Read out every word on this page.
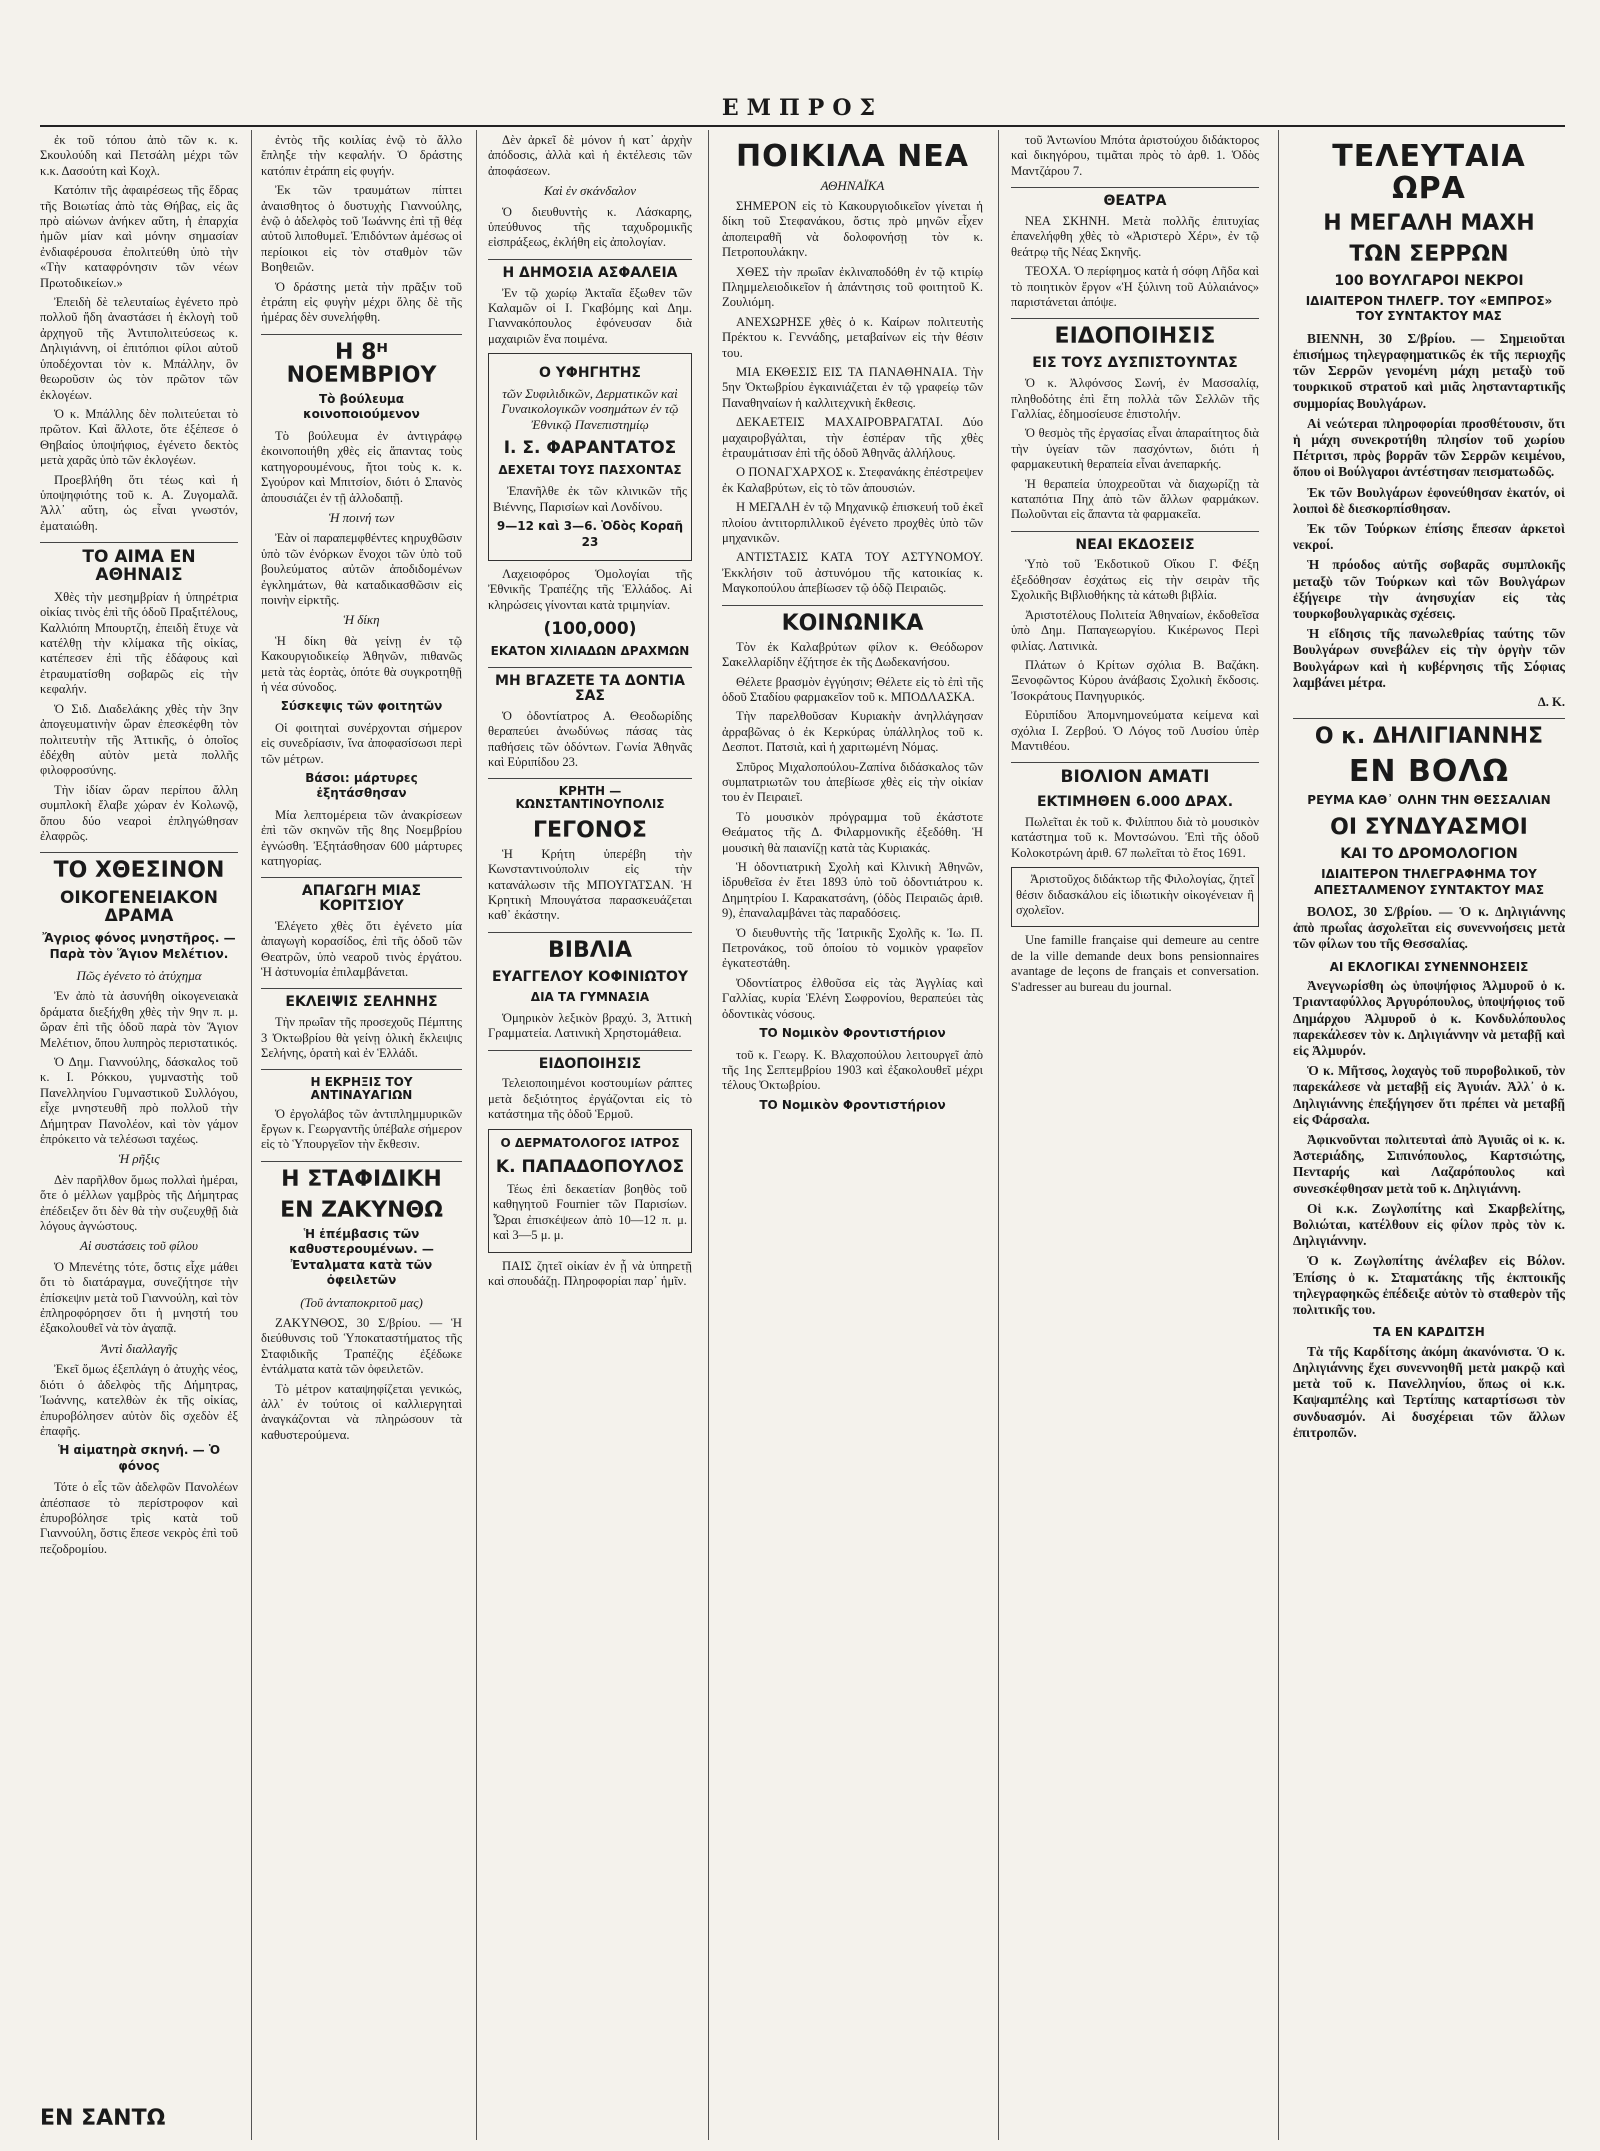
ΕΜΠΡΟΣ

ἐκ τοῦ τόπου ἀπὸ τῶν κ. κ. Σκουλούδη καὶ Πετσάλη μέχρι τῶν κ.κ. Δασούτη καὶ Κοχλ.

Κατόπιν τῆς ἀφαιρέσεως τῆς ἕδρας τῆς Βοιωτίας ἀπὸ τὰς Θήβας, εἰς ἃς πρὸ αἰώνων ἀνήκεν αὕτη, ἡ ἐπαρχία ἡμῶν μίαν καὶ μόνην σημασίαν ἐνδιαφέρουσα ἐπολιτεύθη ὑπὸ τὴν «Τὴν καταφρόνησιν τῶν νέων Πρωτοδικείων.»

Ἐπειδὴ δὲ τελευταίως ἐγένετο πρὸ πολλοῦ ἤδη ἀναστάσει ἡ ἐκλογὴ τοῦ ἀρχηγοῦ τῆς Ἀντιπολιτεύσεως κ. Δηλιγιάννη, οἱ ἐπιτόπιοι φίλοι αὐτοῦ ὑποδέχονται τὸν κ. Μπάλλην, ὃν θεωροῦσιν ὡς τὸν πρῶτον τῶν ἐκλογέων.

Ὁ κ. Μπάλλης δὲν πολιτεύεται τὸ πρῶτον. Καὶ ἄλλοτε, ὅτε ἐξέπεσε ὁ Θηβαίος ὑποψήφιος, ἐγένετο δεκτὸς μετὰ χαρᾶς ὑπὸ τῶν ἐκλογέων.

Προεβλήθη ὅτι τέως καὶ ἡ ὑποψηφιότης τοῦ κ. Α. Ζυγομαλᾶ. Ἀλλ᾽ αὕτη, ὡς εἶναι γνωστόν, ἐματαιώθη.

ΤΟ ΑΙΜΑ ΕΝ ΑΘΗΝΑΙΣ

Χθὲς τὴν μεσημβρίαν ἡ ὑπηρέτρια οἰκίας τινὸς ἐπὶ τῆς ὁδοῦ Πραξιτέλους, Καλλιόπη Μπουρτζη, ἐπειδὴ ἔτυχε νὰ κατέλθῃ τὴν κλίμακα τῆς οἰκίας, κατέπεσεν ἐπὶ τῆς ἐδάφους καὶ ἐτραυματίσθη σοβαρῶς εἰς τὴν κεφαλήν.

Ὁ Σιδ. Διαδελάκης χθὲς τὴν 3ην ἀπογευματινὴν ὥραν ἐπεσκέφθη τὸν πολιτευτὴν τῆς Ἀττικῆς, ὁ ὁποῖος ἐδέχθη αὐτὸν μετὰ πολλῆς φιλοφροσύνης.

Τὴν ἰδίαν ὥραν περίπου ἄλλη συμπλοκὴ ἔλαβε χώραν ἐν Κολωνῷ, ὅπου δύο νεαροὶ ἐπληγώθησαν ἐλαφρῶς.

ΤΟ ΧΘΕΣΙΝΟΝ
ΟΙΚΟΓΕΝΕΙΑΚΟΝ ΔΡΑΜΑ
Ἄγριος φόνος μνηστῆρος. — Παρὰ τὸν Ἅγιον Μελέτιον.
Πῶς ἐγένετο τὸ ἀτύχημα

Ἐν ἀπὸ τὰ ἀσυνήθη οἰκογενειακὰ δράματα διεξήχθη χθὲς τὴν 9ην π. μ. ὥραν ἐπὶ τῆς ὁδοῦ παρὰ τὸν Ἅγιον Μελέτιον, ὅπου λυπηρὸς περιστατικός.

Ὁ Δημ. Γιαννούλης, δάσκαλος τοῦ κ. Ι. Ρόκκου, γυμναστὴς τοῦ Πανελληνίου Γυμναστικοῦ Συλλόγου, εἶχε μνηστευθῆ πρὸ πολλοῦ τὴν Δήμητραν Πανολέον, καὶ τὸν γάμον ἐπρόκειτο νὰ τελέσωσι ταχέως.

Ἡ ρῆξις

Δὲν παρῆλθον ὅμως πολλαὶ ἡμέραι, ὅτε ὁ μέλλων γαμβρὸς τῆς Δήμητρας ἐπέδειξεν ὅτι δὲν θὰ τὴν συζευχθῇ διὰ λόγους ἀγνώστους.

Αἱ συστάσεις τοῦ φίλου

Ὁ Μπενέτης τότε, ὅστις εἶχε μάθει ὅτι τὸ διατάραγμα, συνεζήτησε τὴν ἐπίσκεψιν μετὰ τοῦ Γιαννούλη, καὶ τὸν ἐπληροφόρησεν ὅτι ἡ μνηστή του ἐξακολουθεῖ νὰ τὸν ἀγαπᾷ.

Ἀντὶ διαλλαγῆς

Ἐκεῖ ὅμως ἐξεπλάγη ὁ ἀτυχὴς νέος, διότι ὁ ἀδελφὸς τῆς Δήμητρας, Ἰωάννης, κατελθὼν ἐκ τῆς οἰκίας, ἐπυροβόλησεν αὐτὸν δὶς σχεδὸν ἐξ ἐπαφῆς.

Ἡ αἱματηρὰ σκηνή. — Ὁ φόνος

Τότε ὁ εἷς τῶν ἀδελφῶν Πανολέων ἀπέσπασε τὸ περίστροφον καὶ ἐπυροβόλησε τρὶς κατὰ τοῦ Γιαννούλη, ὅστις ἔπεσε νεκρὸς ἐπὶ τοῦ πεζοδρομίου.

ΕΝ ΣΑΝΤΩ

ἐντὸς τῆς κοιλίας ἐνῷ τὸ ἄλλο ἔπληξε τὴν κεφαλήν. Ὁ δράστης κατόπιν ἐτράπη εἰς φυγήν.

Ἐκ τῶν τραυμάτων πίπτει ἀναισθητος ὁ δυστυχὴς Γιαννούλης, ἐνῷ ὁ ἀδελφὸς τοῦ Ἰωάννης ἐπὶ τῇ θέᾳ αὐτοῦ λιποθυμεῖ. Ἐπιδόντων ἀμέσως οἱ περίοικοι εἰς τὸν σταθμὸν τῶν Βοηθειῶν.

Ὁ δράστης μετὰ τὴν πρᾶξιν τοῦ ἐτράπη εἰς φυγὴν μέχρι ὅλης δὲ τῆς ἡμέρας δὲν συνελήφθη.

Η 8ᴴ ΝΟΕΜΒΡΙΟΥ
Τὸ βούλευμα κοινοποιούμενον

Τὸ βούλευμα ἐν ἀντιγράφῳ ἐκοινοποιήθη χθὲς εἰς ἅπαντας τοὺς κατηγορουμένους, ἤτοι τοὺς κ. κ. Σγούρον καὶ Μπιτσίον, διότι ὁ Σπανὸς ἀπουσιάζει ἐν τῇ ἀλλοδαπῇ.

Ἡ ποινή των

Ἐὰν οἱ παραπεμφθέντες κηρυχθῶσιν ὑπὸ τῶν ἐνόρκων ἔνοχοι τῶν ὑπὸ τοῦ βουλεύματος αὐτῶν ἀποδιδομένων ἐγκλημάτων, θὰ καταδικασθῶσιν εἰς ποινὴν εἰρκτῆς.

Ἡ δίκη

Ἡ δίκη θὰ γείνῃ ἐν τῷ Κακουργιοδικείῳ Ἀθηνῶν, πιθανῶς μετὰ τὰς ἑορτὰς, ὁπότε θὰ συγκροτηθῇ ἡ νέα σύνοδος.

Σύσκεψις τῶν φοιτητῶν

Οἱ φοιτηταὶ συνέρχονται σήμερον εἰς συνεδρίασιν, ἵνα ἀποφασίσωσι περὶ τῶν μέτρων.

Βάσοι: μάρτυρες ἐξητάσθησαν

Μία λεπτομέρεια τῶν ἀνακρίσεων ἐπὶ τῶν σκηνῶν τῆς 8ης Νοεμβρίου ἐγνώσθη. Ἐξητάσθησαν 600 μάρτυρες κατηγορίας.

ΑΠΑΓΩΓΗ ΜΙΑΣ ΚΟΡΙΤΣΙΟΥ

Ἑλέγετο χθὲς ὅτι ἐγένετο μία ἀπαγωγὴ κορασίδος, ἐπὶ τῆς ὁδοῦ τῶν Θεατρῶν, ὑπὸ νεαροῦ τινὸς ἐργάτου. Ἡ ἀστυνομία ἐπιλαμβάνεται.

ΕΚΛΕΙΨΙΣ ΣΕΛΗΝΗΣ

Τὴν πρωΐαν τῆς προσεχοῦς Πέμπτης 3 Ὀκτωβρίου θὰ γείνῃ ὁλικὴ ἔκλειψις Σελήνης, ὁρατὴ καὶ ἐν Ἑλλάδι.

Η ΕΚΡΗΞΙΣ ΤΟΥ ΑΝΤΙΝΑΥΑΓΙΩΝ

Ὁ ἐργολάβος τῶν ἀντιπλημμυρικῶν ἔργων κ. Γεωργαντῆς ὑπέβαλε σήμερον εἰς τὸ Ὑπουργεῖον τὴν ἔκθεσιν.

Η ΣΤΑΦΙΔΙΚΗ
ΕΝ ΖΑΚΥΝΘΩ
Ἡ ἐπέμβασις τῶν καθυστερουμένων. — Ἐνταλματα κατὰ τῶν ὀφειλετῶν
(Τοῦ ἀνταποκριτοῦ μας)

ΖΑΚΥΝΘΟΣ, 30 Σ/βρίου. — Ἡ διεύθυνσις τοῦ Ὑποκαταστήματος τῆς Σταφιδικῆς Τραπέζης ἐξέδωκε ἐντάλματα κατὰ τῶν ὀφειλετῶν.

Τὸ μέτρον καταψηφίζεται γενικώς, ἀλλ᾽ ἐν τούτοις οἱ καλλιεργηταὶ ἀναγκάζονται νὰ πληρώσουν τὰ καθυστερούμενα.

Δὲν ἀρκεῖ δὲ μόνον ἡ κατ᾽ ἀρχὴν ἀπόδοσις, ἀλλὰ καὶ ἡ ἐκτέλεσις τῶν ἀποφάσεων.

Καὶ ἐν σκάνδαλον

Ὁ διευθυντὴς κ. Λάσκαρης, ὑπεύθυνος τῆς ταχυδρομικῆς εἰσπράξεως, ἐκλήθη εἰς ἀπολογίαν.

Η ΔΗΜΟΣΙΑ ΑΣΦΑΛΕΙΑ

Ἐν τῷ χωρίῳ Ἀκταῖα ἔξωθεν τῶν Καλαμῶν οἱ Ι. Γκαβόμης καὶ Δημ. Γιαννακόπουλος ἐφόνευσαν διὰ μαχαιριῶν ἕνα ποιμένα.

Ο ΥΦΗΓΗΤΗΣ
τῶν Συφιλιδικῶν, Δερματικῶν καὶ Γυναικολογικῶν νοσημάτων ἐν τῷ Ἐθνικῷ Πανεπιστημίῳ
Ι. Σ. ΦΑΡΑΝΤΑΤΟΣ
ΔΕΧΕΤΑΙ ΤΟΥΣ ΠΑΣΧΟΝΤΑΣ

Ἐπανῆλθε ἐκ τῶν κλινικῶν τῆς Βιέννης, Παρισίων καὶ Λονδίνου.

9—12 καὶ 3—6. Ὁδὸς Κοραῆ 23

Λαχειοφόρος Ὁμολογίαι τῆς Ἐθνικῆς Τραπέζης τῆς Ἑλλάδος. Αἱ κληρώσεις γίνονται κατὰ τριμηνίαν.

(100,000)
ΕΚΑΤΟΝ ΧΙΛΙΑΔΩΝ ΔΡΑΧΜΩΝ
ΜΗ ΒΓΑΖΕΤΕ ΤΑ ΔΟΝΤΙΑ ΣΑΣ

Ὁ ὀδοντίατρος Α. Θεοδωρίδης θεραπεύει ἀνωδύνως πάσας τὰς παθήσεις τῶν ὀδόντων. Γωνία Ἀθηνᾶς καὶ Εὐριπίδου 23.

ΚΡΗΤΗ — ΚΩΝΣΤΑΝΤΙΝΟΥΠΟΛΙΣ
ΓΕΓΟΝΟΣ

Ἡ Κρήτη ὑπερέβη τὴν Κωνσταντινούπολιν εἰς τὴν κατανάλωσιν τῆς ΜΠΟΥΓΑΤΣΑΝ. Ἡ Κρητικὴ Μπουγάτσα παρασκευάζεται καθ᾽ ἑκάστην.

ΒΙΒΛΙΑ
ΕΥΑΓΓΕΛΟΥ ΚΟΦΙΝΙΩΤΟΥ
ΔΙΑ ΤΑ ΓΥΜΝΑΣΙΑ

Ὁμηρικὸν λεξικὸν βραχύ. 3, Ἀττικὴ Γραμματεία. Λατινικὴ Χρηστομάθεια.

ΕΙΔΟΠΟΙΗΣΙΣ

Τελειοποιημένοι κοστουμίων ράπτες μετὰ δεξιότητος ἐργάζονται εἰς τὸ κατάστημα τῆς ὁδοῦ Ἑρμοῦ.

Ο ΔΕΡΜΑΤΟΛΟΓΟΣ ΙΑΤΡΟΣ
Κ. ΠΑΠΑΔΟΠΟΥΛΟΣ

Τέως ἐπὶ δεκαετίαν βοηθὸς τοῦ καθηγητοῦ Fournier τῶν Παρισίων. Ὧραι ἐπισκέψεων ἀπὸ 10—12 π. μ. καὶ 3—5 μ. μ.

ΠΑΙΣ ζητεῖ οἰκίαν ἐν ᾗ νὰ ὑπηρετῇ καὶ σπουδάζῃ. Πληροφορίαι παρ᾽ ἡμῖν.

ΠΟΙΚΙΛΑ ΝΕΑ
ΑΘΗΝΑΪΚΑ

ΣΗΜΕΡΟΝ εἰς τὸ Κακουργιοδικεῖον γίνεται ἡ δίκη τοῦ Στεφανάκου, ὅστις πρὸ μηνῶν εἶχεν ἀποπειραθῆ νὰ δολοφονήσῃ τὸν κ. Πετροπουλάκην.

ΧΘΕΣ τὴν πρωΐαν ἐκλιναποδόθη ἐν τῷ κτιρίῳ Πλημμελειοδικεῖον ἡ ἀπάντησις τοῦ φοιτητοῦ Κ. Ζουλιόμη.

ΑΝΕΧΩΡΗΣΕ χθὲς ὁ κ. Καίρων πολιτευτὴς Πρέκτου κ. Γεννάδης, μεταβαίνων εἰς τὴν θέσιν του.

ΜΙΑ ΕΚΘΕΣΙΣ ΕΙΣ ΤΑ ΠΑΝΑΘΗΝΑΙΑ. Τὴν 5ην Ὀκτωβρίου ἐγκαινιάζεται ἐν τῷ γραφείῳ τῶν Παναθηναίων ἡ καλλιτεχνικὴ ἔκθεσις.

ΔΕΚΑΕΤΕΙΣ ΜΑΧΑΙΡΟΒΡΑΓΑΤΑΙ. Δύο μαχαιροβγάλται, τὴν ἑσπέραν τῆς χθὲς ἐτραυμάτισαν ἐπὶ τῆς ὁδοῦ Ἀθηνᾶς ἀλλήλους.

Ο ΠΟΝΑΓΧΑΡΧΟΣ κ. Στεφανάκης ἐπέστρεψεν ἐκ Καλαβρύτων, εἰς τὸ τῶν ἀπουσιών.

Η ΜΕΓΑΛΗ ἐν τῷ Μηχανικῷ ἐπισκευή τοῦ ἐκεῖ πλοίου ἀντιτορπιλλικοῦ ἐγένετο προχθὲς ὑπὸ τῶν μηχανικῶν.

ΑΝΤΙΣΤΑΣΙΣ ΚΑΤΑ ΤΟΥ ΑΣΤΥΝΟΜΟΥ. Ἐκκλήσιν τοῦ ἀστυνόμου τῆς κατοικίας κ. Μαγκοπούλου ἀπεβίωσεν τῷ ὁδῷ Πειραιῶς.

ΚΟΙΝΩΝΙΚΑ

Τὸν ἐκ Καλαβρύτων φίλον κ. Θεόδωρον Σακελλαρίδην ἐζήτησε ἐκ τῆς Δωδεκανήσου.

Θέλετε βρασμὸν ἐγγύησιν; Θέλετε εἰς τὸ ἐπὶ τῆς ὁδοῦ Σταδίου φαρμακεῖον τοῦ κ. ΜΠΟΔΛΑΣΚΑ.

Τὴν παρελθοῦσαν Κυριακὴν ἀνηλλάγησαν ἀρραβῶνας ὁ ἐκ Κερκύρας ὑπάλληλος τοῦ κ. Δεσποτ. Πατσιὰ, καὶ ἡ χαριτωμένη Νόμας.

Σπῦρος Μιχαλοπούλου-Ζαπίνα διδάσκαλος τῶν συμπατριωτῶν του ἀπεβίωσε χθὲς εἰς τὴν οἰκίαν του ἐν Πειραιεῖ.

Τὸ μουσικὸν πρόγραμμα τοῦ ἐκάστοτε Θεάματος τῆς Δ. Φιλαρμονικῆς ἐξεδόθη. Ἡ μουσικὴ θὰ παιανίζῃ κατὰ τὰς Κυριακάς.

Ἡ ὀδοντιατρικὴ Σχολὴ καὶ Κλινικὴ Ἀθηνῶν, ἱδρυθεῖσα ἐν ἔτει 1893 ὑπὸ τοῦ ὀδοντιάτρου κ. Δημητρίου Ι. Καρακατσάνη, (ὁδὸς Πειραιῶς ἀριθ. 9), ἐπαναλαμβάνει τὰς παραδόσεις.

Ὁ διευθυντὴς τῆς Ἰατρικῆς Σχολῆς κ. Ἰω. Π. Πετρονάκος, τοῦ ὁποίου τὸ νομικὸν γραφεῖον ἐγκατεστάθη.

Ὀδοντίατρος ἐλθοῦσα εἰς τὰς Ἀγγλίας καὶ Γαλλίας, κυρία Ἑλένη Σωφρονίου, θεραπεύει τὰς ὀδοντικὰς νόσους.

ΤΟ Νομικὸν Φροντιστήριον

τοῦ κ. Γεωργ. Κ. Βλαχοπούλου λειτουργεῖ ἀπὸ τῆς 1ης Σεπτεμβρίου 1903 καὶ ἐξακολουθεῖ μέχρι τέλους Ὀκτωβρίου.

ΤΟ Νομικὸν Φροντιστήριον

τοῦ Ἀντωνίου Μπότα ἀριστούχου διδάκτορος καὶ δικηγόρου, τιμᾶται πρὸς τὸ ἀρθ. 1. Ὁδὸς Μαντζάρου 7.

ΘΕΑΤΡΑ

ΝΕΑ ΣΚΗΝΗ. Μετὰ πολλῆς ἐπιτυχίας ἐπανελήφθη χθὲς τὸ «Ἀριστερὸ Χέρι», ἐν τῷ θεάτρῳ τῆς Νέας Σκηνῆς.

ΤΕΟΧΑ. Ὁ περίφημος κατὰ ἡ σόφη Λῆδα καὶ τὸ ποιητικὸν ἔργον «Ἡ ξύλινη τοῦ Αὐλαιάνος» παριστάνεται ἀπόψε.

ΕΙΔΟΠΟΙΗΣΙΣ
ΕΙΣ ΤΟΥΣ ΔΥΣΠΙΣΤΟΥΝΤΑΣ

Ὁ κ. Ἀλφόνσος Σωνή, ἐν Μασσαλίᾳ, πληθοδότης ἐπὶ ἔτη πολλὰ τῶν Σελλῶν τῆς Γαλλίας, ἐδημοσίευσε ἐπιστολήν.

Ὁ θεσμὸς τῆς ἐργασίας εἶναι ἀπαραίτητος διὰ τὴν ὑγείαν τῶν πασχόντων, διότι ἡ φαρμακευτικὴ θεραπεία εἶναι ἀνεπαρκής.

Ἡ θεραπεία ὑποχρεοῦται νὰ διαχωρίζῃ τὰ καταπότια Πηχ ἀπὸ τῶν ἄλλων φαρμάκων. Πωλοῦνται εἰς ἅπαντα τὰ φαρμακεῖα.

ΝΕΑΙ ΕΚΔΟΣΕΙΣ

Ὑπὸ τοῦ Ἐκδοτικοῦ Οἴκου Γ. Φέξη ἐξεδόθησαν ἐσχάτως εἰς τὴν σειρὰν τῆς Σχολικῆς Βιβλιοθήκης τὰ κάτωθι βιβλία.

Ἀριστοτέλους Πολιτεία Ἀθηναίων, ἐκδοθεῖσα ὑπὸ Δημ. Παπαγεωργίου. Κικέρωνος Περὶ φιλίας. Λατινικὰ.

Πλάτων ὁ Κρίτων σχόλια Β. Βαζάκη. Ξενοφῶντος Κύρου ἀνάβασις Σχολικὴ ἔκδοσις. Ἰσοκράτους Πανηγυρικός.

Εὐριπίδου Ἀπομνημονεύματα κείμενα καὶ σχόλια Ι. Ζερβού. Ὁ Λόγος τοῦ Λυσίου ὑπὲρ Μαντιθέου.

ΒΙΟΛΙΟΝ ΑΜΑΤΙ
ΕΚΤΙΜΗΘΕΝ 6.000 ΔΡΑΧ.

Πωλεῖται ἐκ τοῦ κ. Φιλίππου διὰ τὸ μουσικὸν κατάστημα τοῦ κ. Μοντσώνου. Ἐπὶ τῆς ὁδοῦ Κολοκοτρώνη ἀριθ. 67 πωλεῖται τὸ ἔτος 1691.

Ἀριστοῦχος διδάκτωρ τῆς Φιλολογίας, ζητεῖ θέσιν διδασκάλου εἰς ἰδιωτικὴν οἰκογένειαν ἢ σχολεῖον.

Une famille française qui demeure au centre de la ville demande deux bons pensionnaires avantage de leçons de français et conversation. S'adresser au bureau du journal.

ΤΕΛΕΥΤΑΙΑ ΩΡΑ
Η ΜΕΓΑΛΗ ΜΑΧΗ
ΤΩΝ ΣΕΡΡΩΝ
100 ΒΟΥΛΓΑΡΟΙ ΝΕΚΡΟΙ
ΙΔΙΑΙΤΕΡΟΝ ΤΗΛΕΓΡ. ΤΟΥ «ΕΜΠΡΟΣ» ΤΟΥ ΣΥΝΤΑΚΤΟΥ ΜΑΣ

ΒΙΕΝΝΗ, 30 Σ/βρίου. — Σημειοῦται ἐπισήμως τηλεγραφηματικῶς ἐκ τῆς περιοχῆς τῶν Σερρῶν γενομένη μάχη μεταξὺ τοῦ τουρκικοῦ στρατοῦ καὶ μιᾶς ληστανταρτικῆς συμμορίας Βουλγάρων.

Αἱ νεώτεραι πληροφορίαι προσθέτουσιν, ὅτι ἡ μάχη συνεκροτήθη πλησίον τοῦ χωρίου Πέτριτσι, πρὸς βορρᾶν τῶν Σερρῶν κειμένου, ὅπου οἱ Βούλγαροι ἀντέστησαν πεισματωδῶς.

Ἐκ τῶν Βουλγάρων ἐφονεύθησαν ἑκατόν, οἱ λοιποὶ δὲ διεσκορπίσθησαν.

Ἐκ τῶν Τούρκων ἐπίσης ἔπεσαν ἀρκετοὶ νεκροί.

Ἡ πρόοδος αὐτῆς σοβαρᾶς συμπλοκῆς μεταξὺ τῶν Τούρκων καὶ τῶν Βουλγάρων ἐξήγειρε τὴν ἀνησυχίαν εἰς τὰς τουρκοβουλγαρικὰς σχέσεις.

Ἡ εἴδησις τῆς πανωλεθρίας ταύτης τῶν Βουλγάρων συνεβάλεν εἰς τὴν ὀργὴν τῶν Βουλγάρων καὶ ἡ κυβέρνησις τῆς Σόφιας λαμβάνει μέτρα.

Δ. Κ.
Ο κ. ΔΗΛΙΓΙΑΝΝΗΣ
ΕΝ ΒΟΛΩ
ΡΕΥΜΑ ΚΑΘ᾽ ΟΛΗΝ ΤΗΝ ΘΕΣΣΑΛΙΑΝ
ΟΙ ΣΥΝΔΥΑΣΜΟΙ
ΚΑΙ ΤΟ ΔΡΟΜΟΛΟΓΙΟΝ
ΙΔΙΑΙΤΕΡΟΝ ΤΗΛΕΓΡΑΦΗΜΑ ΤΟΥ ΑΠΕΣΤΑΛΜΕΝΟΥ ΣΥΝΤΑΚΤΟΥ ΜΑΣ

ΒΟΛΟΣ, 30 Σ/βρίου. — Ὁ κ. Δηλιγιάννης ἀπὸ πρωΐας ἀσχολεῖται εἰς συνεννοήσεις μετὰ τῶν φίλων του τῆς Θεσσαλίας.

ΑΙ ΕΚΛΟΓΙΚΑΙ ΣΥΝΕΝΝΟΗΣΕΙΣ

Ἀνεγνωρίσθη ὡς ὑποψήφιος Ἁλμυροῦ ὁ κ. Τριανταφύλλος Ἀργυρόπουλος, ὑποψήφιος τοῦ Δημάρχου Ἁλμυροῦ ὁ κ. Κονδυλόπουλος παρεκάλεσεν τὸν κ. Δηλιγιάννην νὰ μεταβῇ καὶ εἰς Ἁλμυρόν.

Ὁ κ. Μῆτσος, λοχαγὸς τοῦ πυροβολικοῦ, τὸν παρεκάλεσε νὰ μεταβῇ εἰς Ἀγυιάν. Ἀλλ᾽ ὁ κ. Δηλιγιάννης ἐπεξήγησεν ὅτι πρέπει νὰ μεταβῇ εἰς Φάρσαλα.

Ἀφικνοῦνται πολιτευταὶ ἀπὸ Ἀγυιᾶς οἱ κ. κ. Ἀστεριάδης, Σιπινόπουλος, Καρτσιώτης, Πενταρής καὶ Λαζαρόπουλος καὶ συνεσκέφθησαν μετὰ τοῦ κ. Δηλιγιάννη.

Οἱ κ.κ. Ζωγλοπίτης καὶ Σκαρβελίτης, Βολιώται, κατέλθουν εἰς φίλον πρὸς τὸν κ. Δηλιγιάννην.

Ὁ κ. Ζωγλοπίτης ἀνέλαβεν εἰς Βόλον. Ἐπίσης ὁ κ. Σταματάκης τῆς ἐκπτοικῆς τηλεγραφηκῶς ἐπέδειξε αὐτὸν τὸ σταθερὸν τῆς πολιτικῆς του.

ΤΑ ΕΝ ΚΑΡΔΙΤΣΗ

Τὰ τῆς Καρδίτσης ἀκόμη ἀκανόνιστα. Ὁ κ. Δηλιγιάννης ἔχει συνεννοηθῆ μετὰ μακρῷ καὶ μετὰ τοῦ κ. Πανελληνίου, ὅπως οἱ κ.κ. Καψαμπέλης καὶ Τερτίπης καταρτίσωσι τὸν συνδυασμόν. Αἱ δυσχέρειαι τῶν ἄλλων ἐπιτροπῶν.
